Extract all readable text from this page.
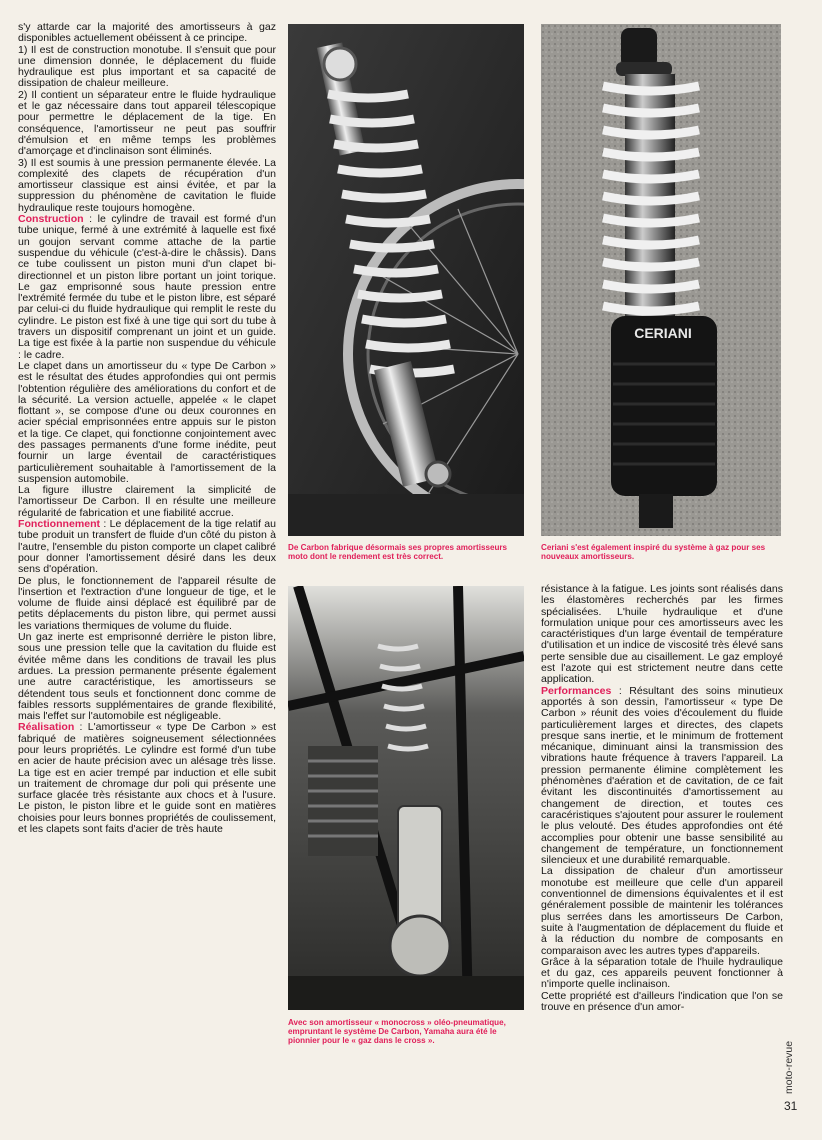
s'y attarde car la majorité des amortisseurs à gaz disponibles actuellement obéissent à ce principe.

1) Il est de construction monotube. Il s'ensuit que pour une dimension donnée, le déplacement du fluide hydraulique est plus important et sa capacité de dissipation de chaleur meilleure.

2) Il contient un séparateur entre le fluide hydraulique et le gaz nécessaire dans tout appareil télescopique pour permettre le déplacement de la tige. En conséquence, l'amortisseur ne peut pas souffrir d'émulsion et en même temps les problèmes d'amorçage et d'inclinaison sont éliminés.

3) Il est soumis à une pression permanente élevée. La complexité des clapets de récupération d'un amortisseur classique est ainsi évitée, et par la suppression du phénomène de cavitation le fluide hydraulique reste toujours homogène.

Construction : le cylindre de travail est formé d'un tube unique, fermé à une extrémité à laquelle est fixé un goujon servant comme attache de la partie suspendue du véhicule (c'est-à-dire le châssis). Dans ce tube coulissent un piston muni d'un clapet bi-directionnel et un piston libre portant un joint torique. Le gaz emprisonné sous haute pression entre l'extrémité fermée du tube et le piston libre, est séparé par celui-ci du fluide hydraulique qui remplit le reste du cylindre. Le piston est fixé à une tige qui sort du tube à travers un dispositif comprenant un joint et un guide. La tige est fixée à la partie non suspendue du véhicule : le cadre.

Le clapet dans un amortisseur du « type De Carbon » est le résultat des études approfondies qui ont permis l'obtention régulière des améliorations du confort et de la sécurité. La version actuelle, appelée « le clapet flottant », se compose d'une ou deux couronnes en acier spécial emprisonnées entre appuis sur le piston et la tige. Ce clapet, qui fonctionne conjointement avec des passages permanents d'une forme inédite, peut fournir un large éventail de caractéristiques particulièrement souhaitable à l'amortissement de la suspension automobile.

La figure illustre clairement la simplicité de l'amortisseur De Carbon. Il en résulte une meilleure régularité de fabrication et une fiabilité accrue.

Fonctionnement : Le déplacement de la tige relatif au tube produit un transfert de fluide d'un côté du piston à l'autre, l'ensemble du piston comporte un clapet calibré pour donner l'amortissement désiré dans les deux sens d'opération.

De plus, le fonctionnement de l'appareil résulte de l'insertion et l'extraction d'une longueur de tige, et le volume de fluide ainsi déplacé est équilibré par de petits déplacements du piston libre, qui permet aussi les variations thermiques de volume du fluide.

Un gaz inerte est emprisonné derrière le piston libre, sous une pression telle que la cavitation du fluide est évitée même dans les conditions de travail les plus ardues. La pression permanente présente également une autre caractéristique, les amortisseurs se détendent tous seuls et fonctionnent donc comme de faibles ressorts supplémentaires de grande flexibilité, mais l'effet sur l'automobile est négligeable.

Réalisation : L'amortisseur « type De Carbon » est fabriqué de matières soigneusement sélectionnées pour leurs propriétés. Le cylindre est formé d'un tube en acier de haute précision avec un alésage très lisse. La tige est en acier trempé par induction et elle subit un traitement de chromage dur poli qui présente une surface glacée très résistante aux chocs et à l'usure. Le piston, le piston libre et le guide sont en matières choisies pour leurs bonnes propriétés de coulissement, et les clapets sont faits d'acier de très haute

De Carbon fabrique désormais ses propres amortisseurs moto dont le rendement est très correct.
CERIANI
Ceriani s'est également inspiré du système à gaz pour ses nouveaux amortisseurs.
Avec son amortisseur « monocross » oléo-pneumatique, empruntant le système De Carbon, Yamaha aura été le pionnier pour le « gaz dans le cross ».

résistance à la fatigue. Les joints sont réalisés dans les élastomères recherchés par les firmes spécialisées. L'huile hydraulique et d'une formulation unique pour ces amortisseurs avec les caractéristiques d'un large éventail de température d'utilisation et un indice de viscosité très élevé sans perte sensible due au cisaillement. Le gaz employé est l'azote qui est strictement neutre dans cette application.

Performances : Résultant des soins minutieux apportés à son dessin, l'amortisseur « type De Carbon » réunit des voies d'écoulement du fluide particulièrement larges et directes, des clapets presque sans inertie, et le minimum de frottement mécanique, diminuant ainsi la transmission des vibrations haute fréquence à travers l'appareil. La pression permanente élimine complètement les phénomènes d'aération et de cavitation, de ce fait évitant les discontinuités d'amortissement au changement de direction, et toutes ces caracéristiques s'ajoutent pour assurer le roulement le plus velouté. Des études approfondies ont été accomplies pour obtenir une basse sensibilité au changement de température, un fonctionnement silencieux et une durabilité remarquable.

La dissipation de chaleur d'un amortisseur monotube est meilleure que celle d'un appareil conventionnel de dimensions équivalentes et il est généralement possible de maintenir les tolérances plus serrées dans les amortisseurs De Carbon, suite à l'augmentation de déplacement du fluide et à la réduction du nombre de composants en comparaison avec les autres types d'appareils.

Grâce à la séparation totale de l'huile hydraulique et du gaz, ces appareils peuvent fonctionner à n'importe quelle inclinaison.

Cette propriété est d'ailleurs l'indication que l'on se trouve en présence d'un amor-

moto-revue
31
